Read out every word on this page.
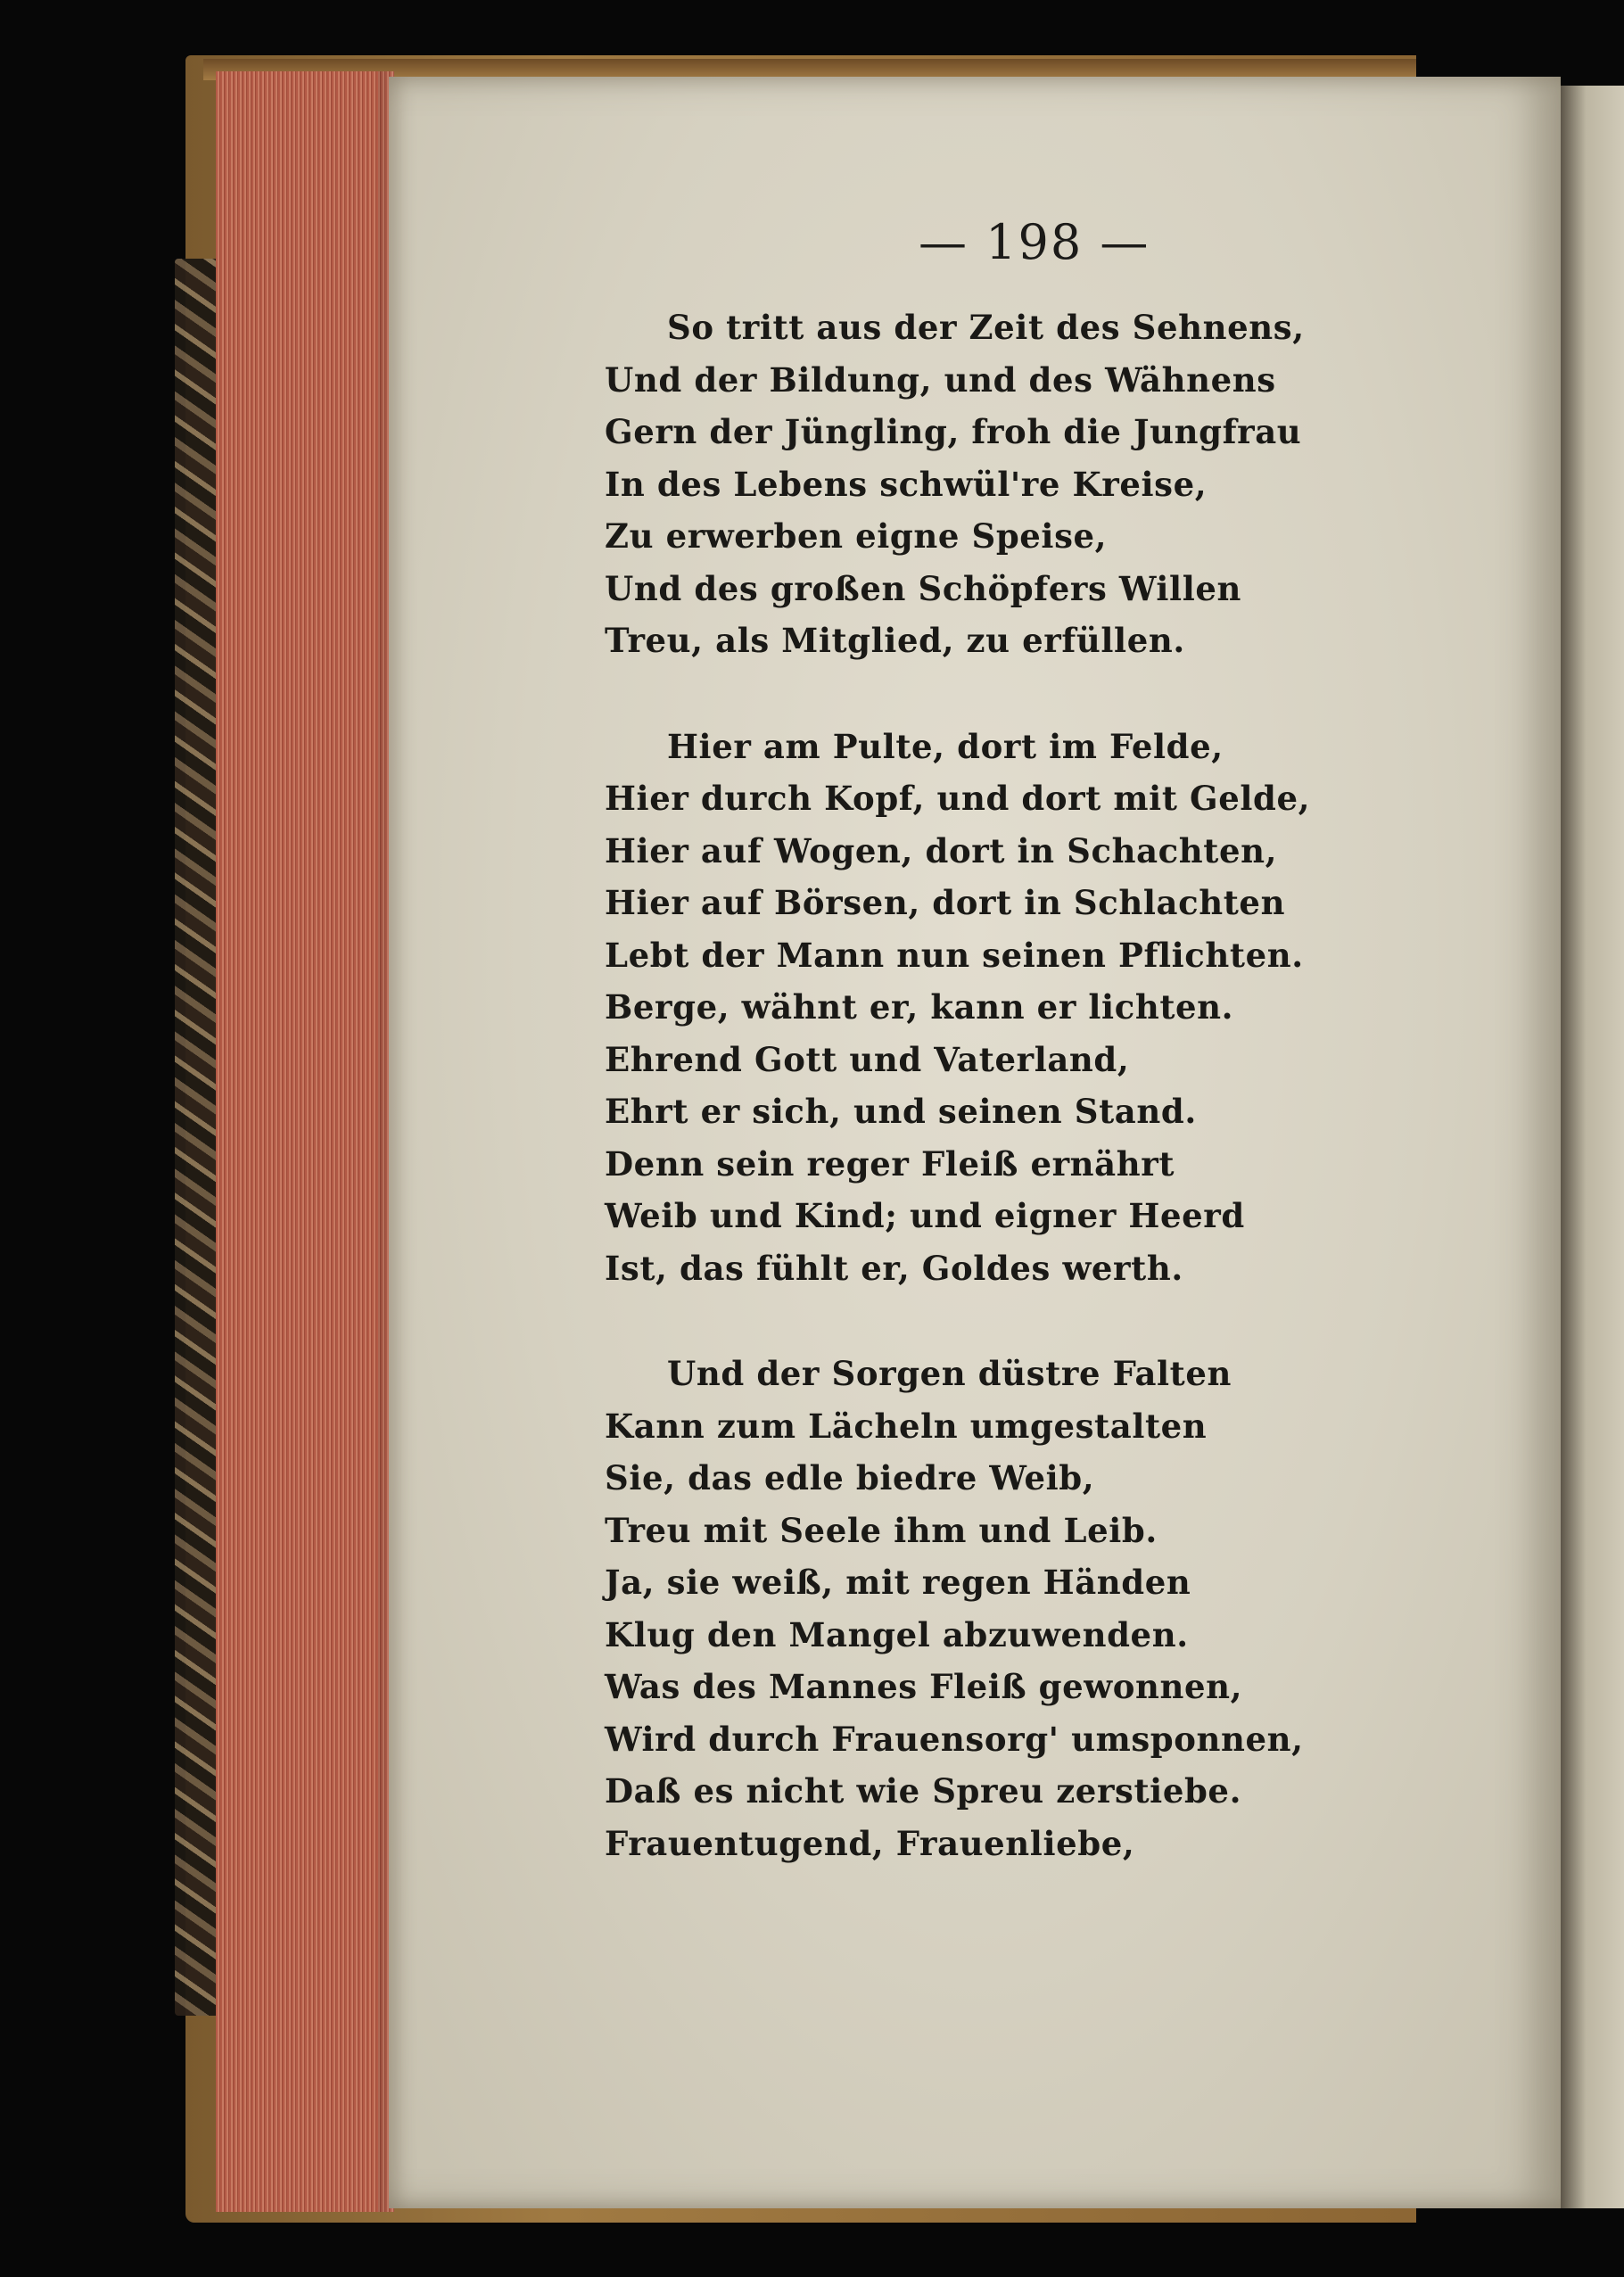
— 198 —
So tritt aus der Zeit des Sehnens,
Und der Bildung, und des Wähnens
Gern der Jüngling, froh die Jungfrau
In des Lebens schwül're Kreise,
Zu erwerben eigne Speise,
Und des großen Schöpfers Willen
Treu, als Mitglied, zu erfüllen.
Hier am Pulte, dort im Felde,
Hier durch Kopf, und dort mit Gelde,
Hier auf Wogen, dort in Schachten,
Hier auf Börsen, dort in Schlachten
Lebt der Mann nun seinen Pflichten.
Berge, wähnt er, kann er lichten.
Ehrend Gott und Vaterland,
Ehrt er sich, und seinen Stand.
Denn sein reger Fleiß ernährt
Weib und Kind; und eigner Heerd
Ist, das fühlt er, Goldes werth.
Und der Sorgen düstre Falten
Kann zum Lächeln umgestalten
Sie, das edle biedre Weib,
Treu mit Seele ihm und Leib.
Ja, sie weiß, mit regen Händen
Klug den Mangel abzuwenden.
Was des Mannes Fleiß gewonnen,
Wird durch Frauensorg' umsponnen,
Daß es nicht wie Spreu zerstiebe.
Frauentugend, Frauenliebe,
